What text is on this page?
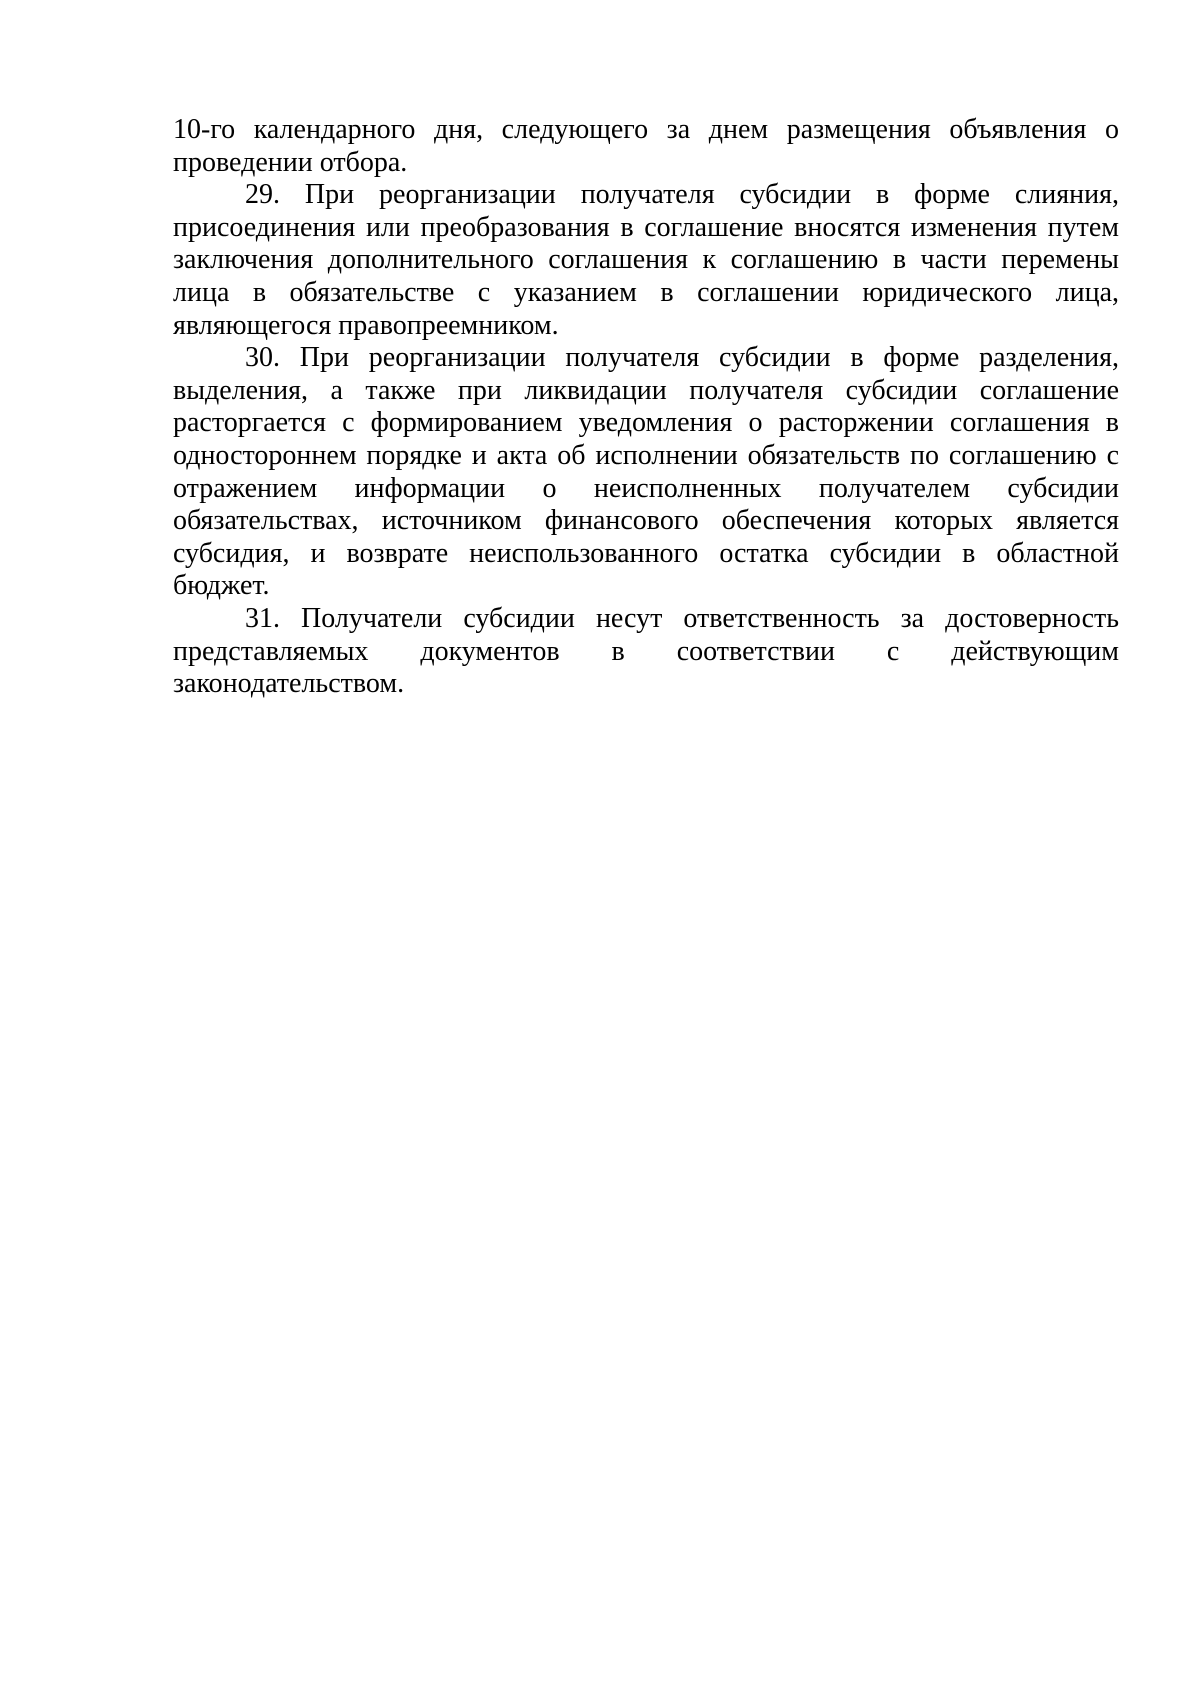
10-го календарного дня, следующего за днем размещения объявления о проведении отбора.

29. При реорганизации получателя субсидии в форме слияния, присоединения или преобразования в соглашение вносятся изменения путем заключения дополнительного соглашения к соглашению в части перемены лица в обязательстве с указанием в соглашении юридического лица, являющегося правопреемником.

30. При реорганизации получателя субсидии в форме разделения, выделения, а также при ликвидации получателя субсидии соглашение расторгается с формированием уведомления о расторжении соглашения в одностороннем порядке и акта об исполнении обязательств по соглашению с отражением информации о неисполненных получателем субсидии обязательствах, источником финансового обеспечения которых является субсидия, и возврате неиспользованного остатка субсидии в областной бюджет.

31. Получатели субсидии несут ответственность за достоверность представляемых документов в соответствии с действующим законодательством.
